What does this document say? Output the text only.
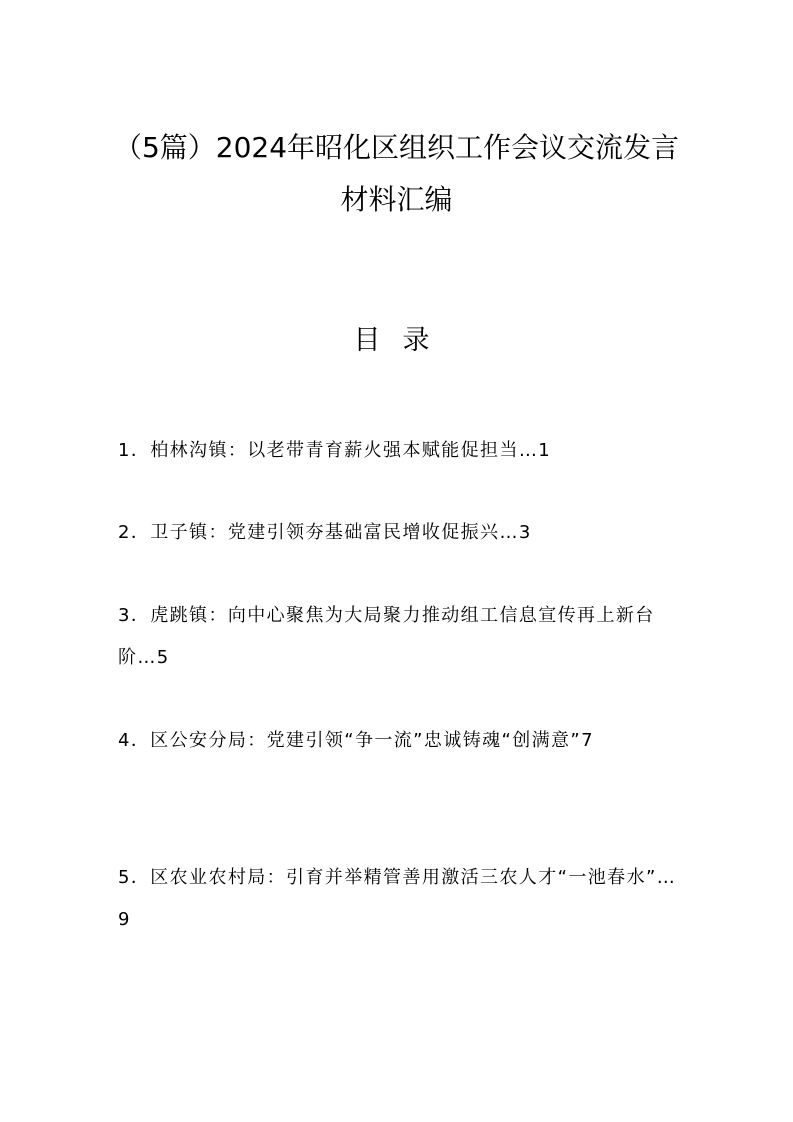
（5篇）2024年昭化区组织工作会议交流发言材料汇编
目录
1．柏林沟镇：以老带青育薪火强本赋能促担当…1
2．卫子镇：党建引领夯基础富民增收促振兴…3
3．虎跳镇：向中心聚焦为大局聚力推动组工信息宣传再上新台阶…5
4．区公安分局：党建引领“争一流”忠诚铸魂“创满意”7
5．区农业农村局：引育并举精管善用激活三农人才“一池春水”…9
